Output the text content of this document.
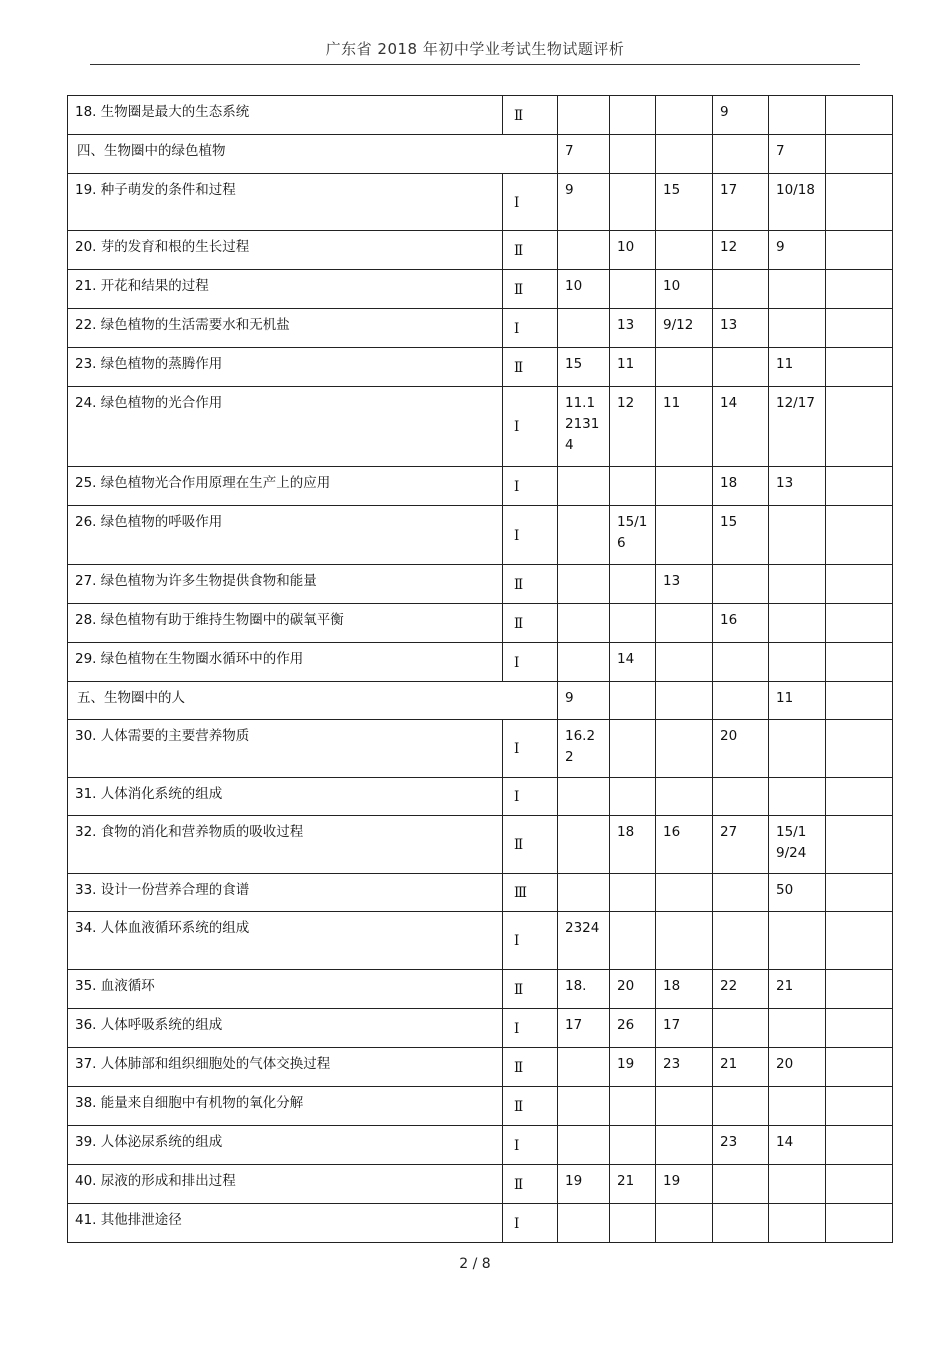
广东省 2018 年初中学业考试生物试题评析
18. 生物圈是最大的生态系统	Ⅱ				9		
四、生物圈中的绿色植物		7				7	
19. 种子萌发的条件和过程	Ⅰ	9		15	17	10/18	
20. 芽的发育和根的生长过程	Ⅱ		10		12	9	
21. 开花和结果的过程	Ⅱ	10		10			
22. 绿色植物的生活需要水和无机盐	Ⅰ		13	9/12	13		
23. 绿色植物的蒸腾作用	Ⅱ	15	11			11	
24. 绿色植物的光合作用	Ⅰ	11.121314	12	11	14	12/17	
25. 绿色植物光合作用原理在生产上的应用	Ⅰ				18	13	
26. 绿色植物的呼吸作用	Ⅰ		15/16		15		
27. 绿色植物为许多生物提供食物和能量	Ⅱ			13			
28. 绿色植物有助于维持生物圈中的碳氧平衡	Ⅱ				16		
29. 绿色植物在生物圈水循环中的作用	Ⅰ		14				
五、生物圈中的人		9				11	
30. 人体需要的主要营养物质	Ⅰ	16.22			20		
31. 人体消化系统的组成	Ⅰ						
32. 食物的消化和营养物质的吸收过程	Ⅱ		18	16	27	15/19/24	
33. 设计一份营养合理的食谱	Ⅲ					50	
34. 人体血液循环系统的组成	Ⅰ	2324					
35. 血液循环	Ⅱ	18.	20	18	22	21	
36. 人体呼吸系统的组成	Ⅰ	17	26	17			
37. 人体肺部和组织细胞处的气体交换过程	Ⅱ		19	23	21	20	
38. 能量来自细胞中有机物的氧化分解	Ⅱ						
39. 人体泌尿系统的组成	Ⅰ				23	14	
40. 尿液的形成和排出过程	Ⅱ	19	21	19			
41. 其他排泄途径	Ⅰ						
2 / 8
